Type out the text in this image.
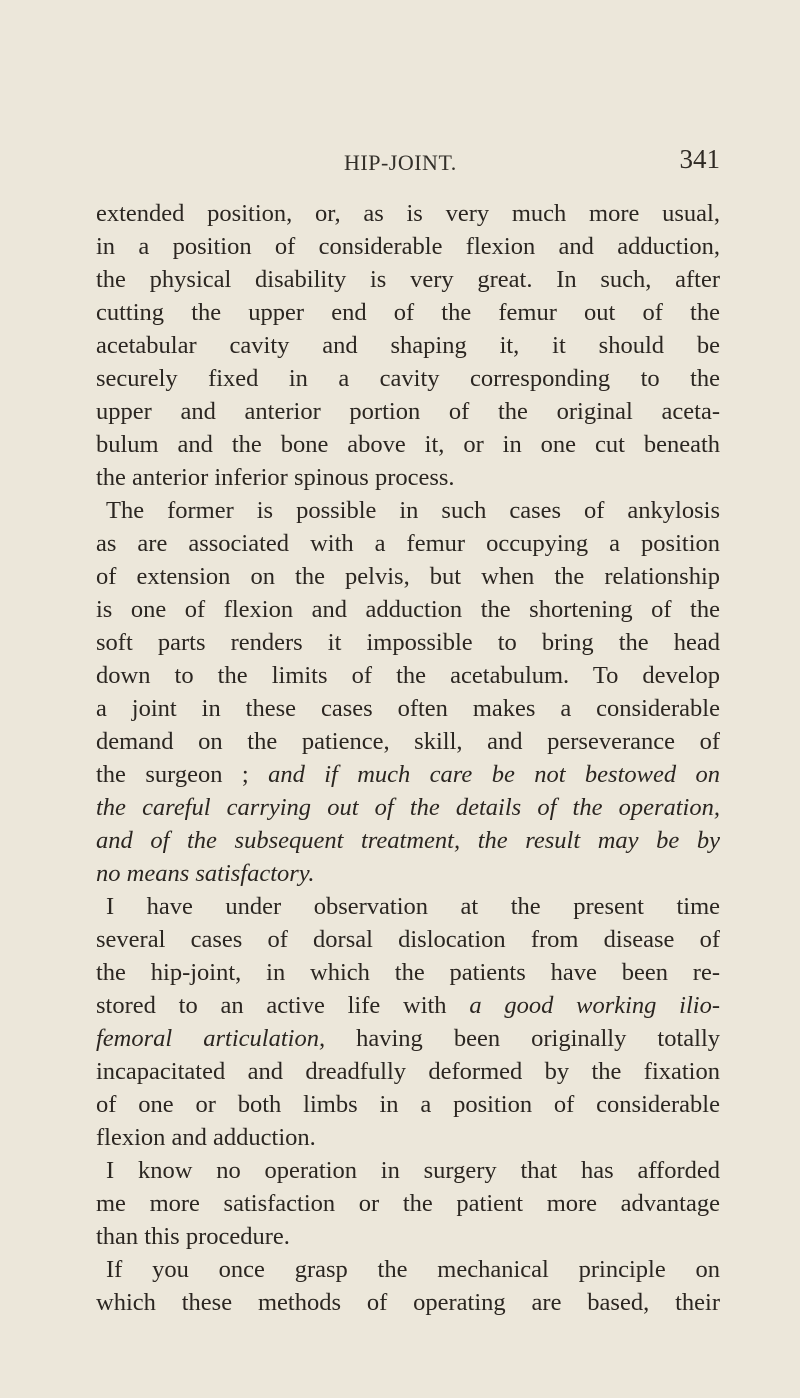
HIP-JOINT.	341
extended position, or, as is very much more usual,
in a position of considerable flexion and adduction,
the physical disability is very great. In such, after
cutting the upper end of the femur out of the
acetabular cavity and shaping it, it should be
securely fixed in a cavity corresponding to the
upper and anterior portion of the original aceta-
bulum and the bone above it, or in one cut beneath
the anterior inferior spinous process.
The former is possible in such cases of ankylosis
as are associated with a femur occupying a position
of extension on the pelvis, but when the relationship
is one of flexion and adduction the shortening of the
soft parts renders it impossible to bring the head
down to the limits of the acetabulum. To develop
a joint in these cases often makes a considerable
demand on the patience, skill, and perseverance of
the surgeon ; and if much care be not bestowed on
the careful carrying out of the details of the operation,
and of the subsequent treatment, the result may be by
no means satisfactory.
I have under observation at the present time
several cases of dorsal dislocation from disease of
the hip-joint, in which the patients have been re-
stored to an active life with a good working ilio-
femoral articulation, having been originally totally
incapacitated and dreadfully deformed by the fixation
of one or both limbs in a position of considerable
flexion and adduction.
I know no operation in surgery that has afforded
me more satisfaction or the patient more advantage
than this procedure.
If you once grasp the mechanical principle on
which these methods of operating are based, their
